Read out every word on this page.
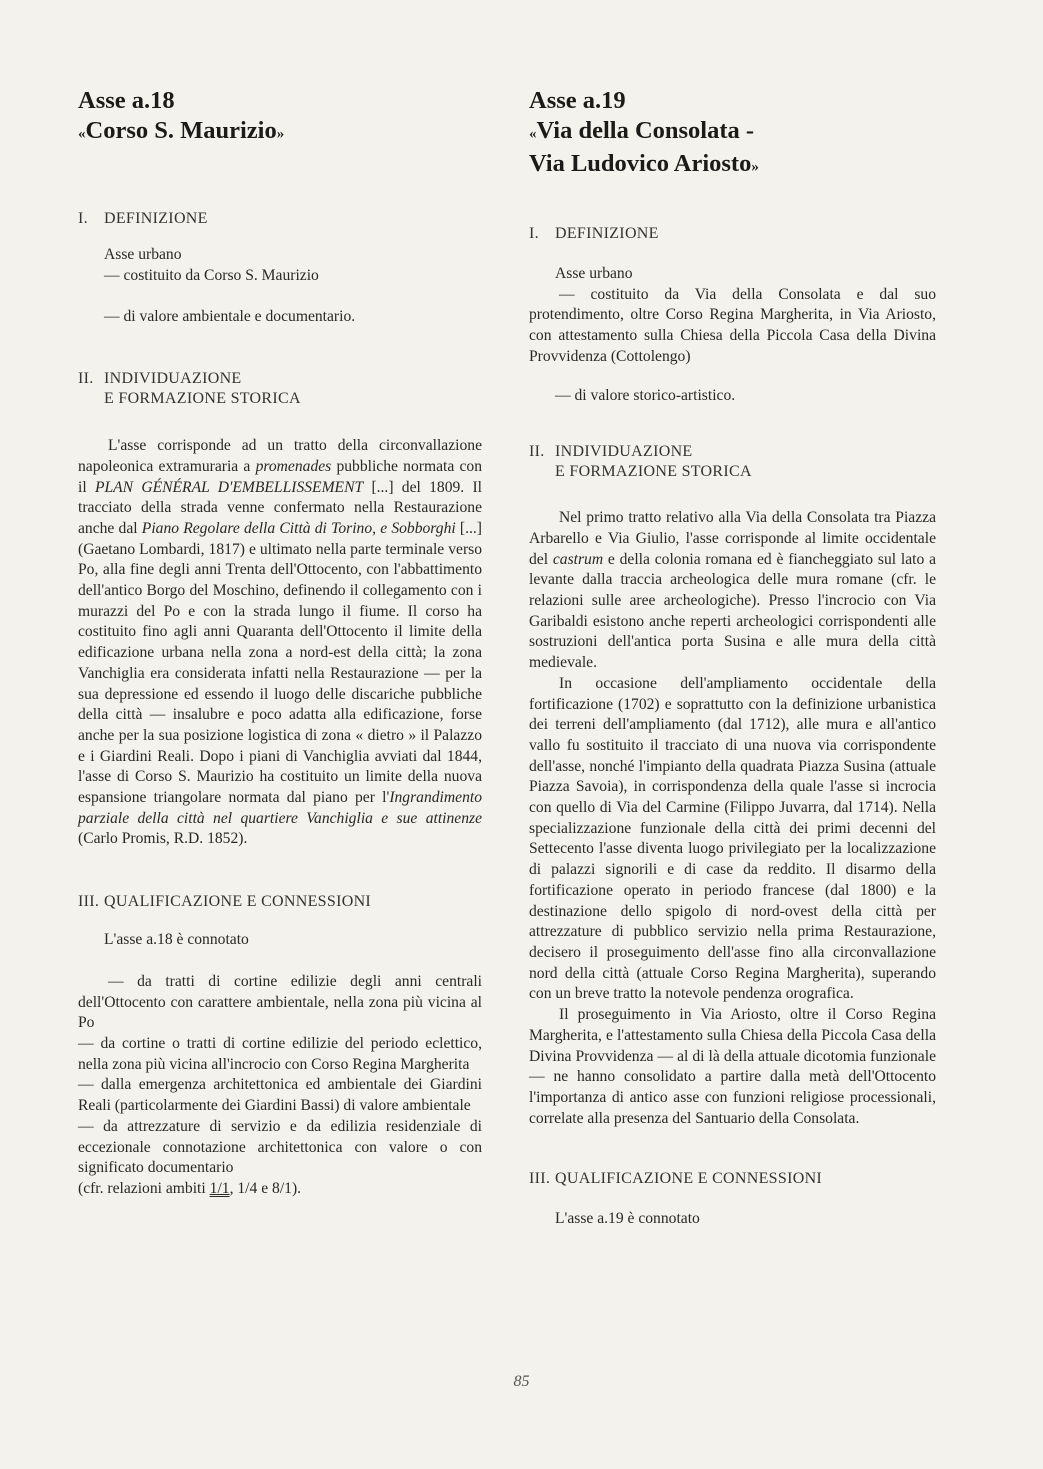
Asse a.18
«Corso S. Maurizio»

I. DEFINIZIONE

Asse urbano

— costituito da Corso S. Maurizio

— di valore ambientale e documentario.

II. INDIVIDUAZIONE
E FORMAZIONE STORICA

L'asse corrisponde ad un tratto della circonvallazione napoleonica extramuraria a promenades pubbliche normata con il PLAN GÉNÉRAL D'EMBELLISSEMENT [...] del 1809. Il tracciato della strada venne confermato nella Restaurazione anche dal Piano Regolare della Città di Torino, e Sobborghi [...] (Gaetano Lombardi, 1817) e ultimato nella parte terminale verso Po, alla fine degli anni Trenta dell'Ottocento, con l'abbattimento dell'antico Borgo del Moschino, definendo il collegamento con i murazzi del Po e con la strada lungo il fiume. Il corso ha costituito fino agli anni Quaranta dell'Ottocento il limite della edificazione urbana nella zona a nord-est della città; la zona Vanchiglia era considerata infatti nella Restaurazione — per la sua depressione ed essendo il luogo delle discariche pubbliche della città — insalubre e poco adatta alla edificazione, forse anche per la sua posizione logistica di zona « dietro » il Palazzo e i Giardini Reali. Dopo i piani di Vanchiglia avviati dal 1844, l'asse di Corso S. Maurizio ha costituito un limite della nuova espansione triangolare normata dal piano per l'Ingrandimento parziale della città nel quartiere Vanchiglia e sue attinenze (Carlo Promis, R.D. 1852).

III. QUALIFICAZIONE E CONNESSIONI

L'asse a.18 è connotato

— da tratti di cortine edilizie degli anni centrali dell'Ottocento con carattere ambientale, nella zona più vicina al Po

— da cortine o tratti di cortine edilizie del periodo eclettico, nella zona più vicina all'incrocio con Corso Regina Margherita

— dalla emergenza architettonica ed ambientale dei Giardini Reali (particolarmente dei Giardini Bassi) di valore ambientale

— da attrezzature di servizio e da edilizia residenziale di eccezionale connotazione architettonica con valore o con significato documentario

(cfr. relazioni ambiti 1/1, 1/4 e 8/1).

Asse a.19
«Via della Consolata -
Via Ludovico Ariosto»

I. DEFINIZIONE

Asse urbano

— costituito da Via della Consolata e dal suo protendimento, oltre Corso Regina Margherita, in Via Ariosto, con attestamento sulla Chiesa della Piccola Casa della Divina Provvidenza (Cottolengo)

— di valore storico-artistico.

II. INDIVIDUAZIONE
E FORMAZIONE STORICA

Nel primo tratto relativo alla Via della Consolata tra Piazza Arbarello e Via Giulio, l'asse corrisponde al limite occidentale del castrum e della colonia romana ed è fiancheggiato sul lato a levante dalla traccia archeologica delle mura romane (cfr. le relazioni sulle aree archeologiche). Presso l'incrocio con Via Garibaldi esistono anche reperti archeologici corrispondenti alle sostruzioni dell'antica porta Susina e alle mura della città medievale.

In occasione dell'ampliamento occidentale della fortificazione (1702) e soprattutto con la definizione urbanistica dei terreni dell'ampliamento (dal 1712), alle mura e all'antico vallo fu sostituito il tracciato di una nuova via corrispondente dell'asse, nonché l'impianto della quadrata Piazza Susina (attuale Piazza Savoia), in corrispondenza della quale l'asse si incrocia con quello di Via del Carmine (Filippo Juvarra, dal 1714). Nella specializzazione funzionale della città dei primi decenni del Settecento l'asse diventa luogo privilegiato per la localizzazione di palazzi signorili e di case da reddito. Il disarmo della fortificazione operato in periodo francese (dal 1800) e la destinazione dello spigolo di nord-ovest della città per attrezzature di pubblico servizio nella prima Restaurazione, decisero il proseguimento dell'asse fino alla circonvallazione nord della città (attuale Corso Regina Margherita), superando con un breve tratto la notevole pendenza orografica.

Il proseguimento in Via Ariosto, oltre il Corso Regina Margherita, e l'attestamento sulla Chiesa della Piccola Casa della Divina Provvidenza — al di là della attuale dicotomia funzionale — ne hanno consolidato a partire dalla metà dell'Ottocento l'importanza di antico asse con funzioni religiose processionali, correlate alla presenza del Santuario della Consolata.

III. QUALIFICAZIONE E CONNESSIONI

L'asse a.19 è connotato

85
